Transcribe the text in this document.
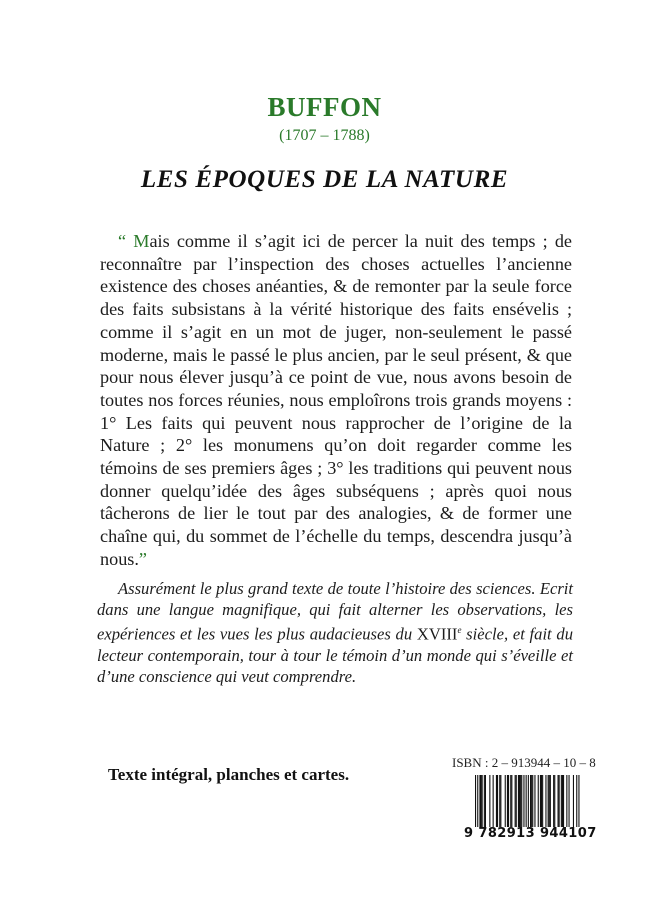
BUFFON
(1707 – 1788)
LES ÉPOQUES DE LA NATURE

“ Mais comme il s’agit ici de percer la nuit des temps ; de reconnaître par l’inspection des choses actuelles l’ancienne existence des choses anéanties, & de remonter par la seule force des faits subsistans à la vérité historique des faits ensévelis ; comme il s’agit en un mot de juger, non-seulement le passé moderne, mais le passé le plus ancien, par le seul présent, & que pour nous élever jusqu’à ce point de vue, nous avons besoin de toutes nos forces réunies, nous emploîrons trois grands moyens : 1° Les faits qui peuvent nous rapprocher de l’origine de la Nature ; 2° les monumens qu’on doit regarder comme les témoins de ses premiers âges ; 3° les traditions qui peuvent nous donner quelqu’idée des âges subséquens ; après quoi nous tâcherons de lier le tout par des analogies, & de former une chaîne qui, du sommet de l’échelle du temps, descendra jusqu’à nous.”

Assurément le plus grand texte de toute l’histoire des sciences. Ecrit dans une langue magnifique, qui fait alterner les observations, les expériences et les vues les plus audacieuses du XVIIIe siècle, et fait du lecteur contemporain, tour à tour le témoin d’un monde qui s’éveille et d’une conscience qui veut comprendre.

Texte intégral, planches et cartes.
ISBN : 2 – 913944 – 10 – 8
9 782913 944107
